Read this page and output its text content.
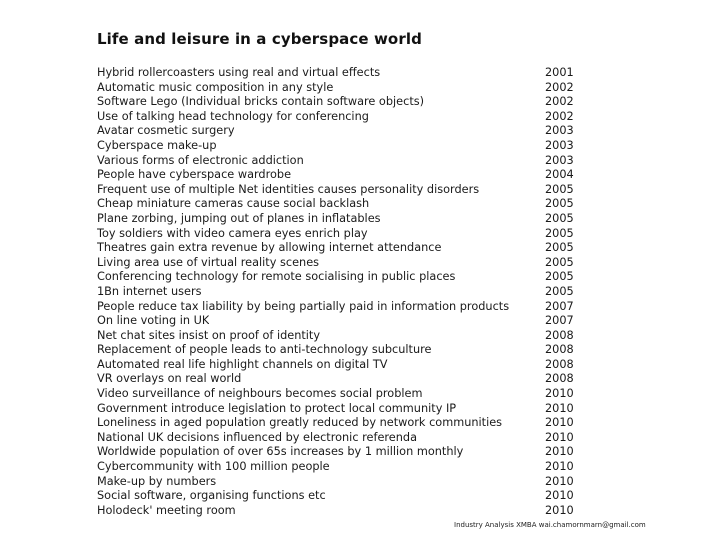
Life and leisure in a cyberspace world
Hybrid rollercoasters using real and virtual effects	2001
Automatic music composition in any style	2002
Software Lego (Individual bricks contain software objects)	2002
Use of talking head technology for conferencing	2002
Avatar cosmetic surgery	2003
Cyberspace make-up	2003
Various forms of electronic addiction	2003
People have cyberspace wardrobe	2004
Frequent use of multiple Net identities causes personality disorders	2005
Cheap miniature cameras cause social backlash	2005
Plane zorbing, jumping out of planes in inflatables	2005
Toy soldiers with video camera eyes enrich play	2005
Theatres gain extra revenue by allowing internet attendance	2005
Living area use of virtual reality scenes	2005
Conferencing technology for remote socialising in public places	2005
1Bn internet users	2005
People reduce tax liability by being partially paid in information products	2007
On line voting in UK	2007
Net chat sites insist on proof of identity	2008
Replacement of people leads to anti-technology subculture	2008
Automated real life highlight channels on digital TV	2008
VR overlays on real world	2008
Video surveillance of neighbours becomes social problem	2010
Government introduce legislation to protect local community IP	2010
Loneliness in aged population greatly reduced by network communities	2010
National UK decisions influenced by electronic referenda	2010
Worldwide population of over 65s increases by 1 million monthly	2010
Cybercommunity with 100 million people	2010
Make-up by numbers	2010
Social software, organising functions etc	2010
Holodeck' meeting room	2010
Industry Analysis XMBA wai.chamornmarn@gmail.com
